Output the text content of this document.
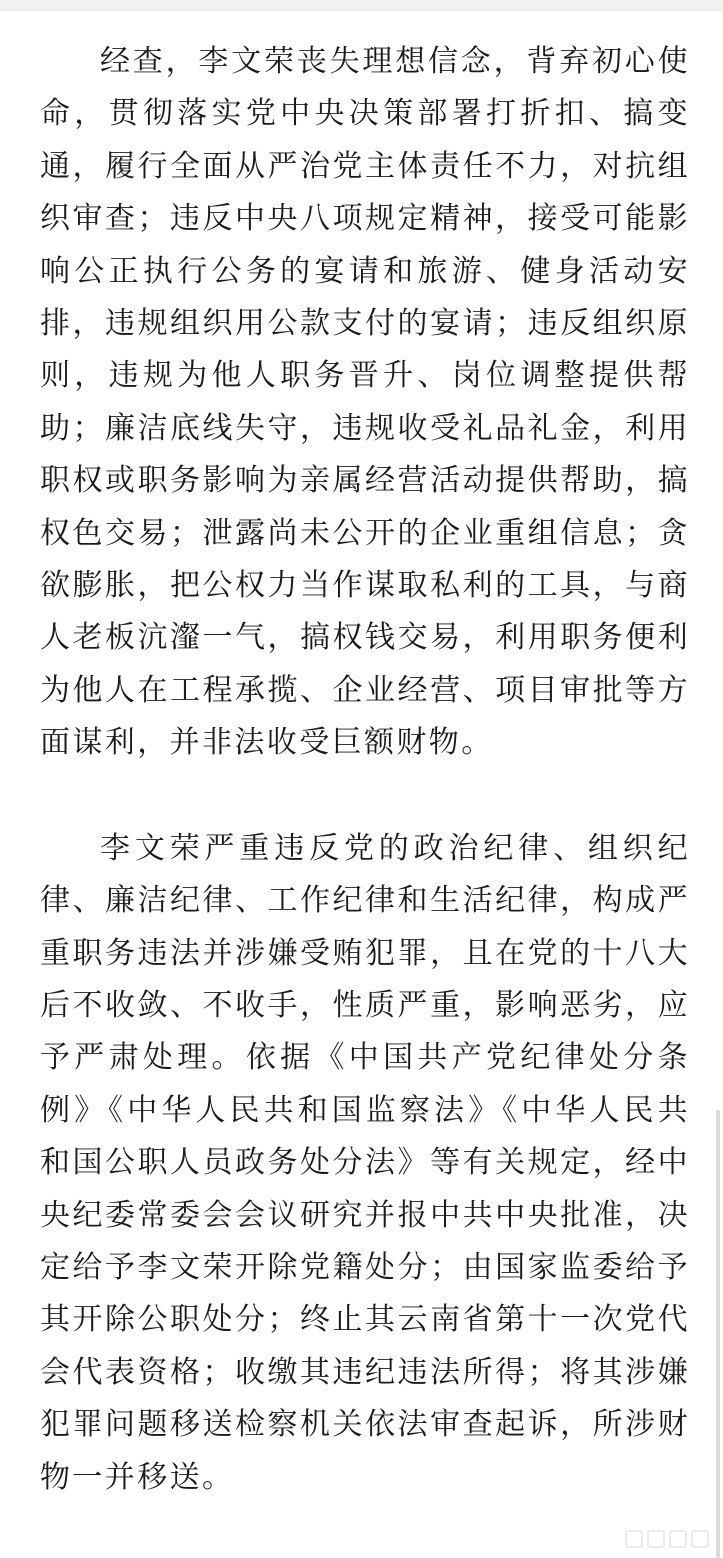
经查，李文荣丧失理想信念，背弃初心使命，贯彻落实党中央决策部署打折扣、搞变通，履行全面从严治党主体责任不力，对抗组织审查；违反中央八项规定精神，接受可能影响公正执行公务的宴请和旅游、健身活动安排，违规组织用公款支付的宴请；违反组织原则，违规为他人职务晋升、岗位调整提供帮助；廉洁底线失守，违规收受礼品礼金，利用职权或职务影响为亲属经营活动提供帮助，搞权色交易；泄露尚未公开的企业重组信息；贪欲膨胀，把公权力当作谋取私利的工具，与商人老板沆瀣一气，搞权钱交易，利用职务便利为他人在工程承揽、企业经营、项目审批等方面谋利，并非法收受巨额财物。

李文荣严重违反党的政治纪律、组织纪律、廉洁纪律、工作纪律和生活纪律，构成严重职务违法并涉嫌受贿犯罪，且在党的十八大后不收敛、不收手，性质严重，影响恶劣，应予严肃处理。依据《中国共产党纪律处分条例》《中华人民共和国监察法》《中华人民共和国公职人员政务处分法》等有关规定，经中央纪委常委会会议研究并报中共中央批准，决定给予李文荣开除党籍处分；由国家监委给予其开除公职处分；终止其云南省第十一次党代会代表资格；收缴其违纪违法所得；将其涉嫌犯罪问题移送检察机关依法审查起诉，所涉财物一并移送。
